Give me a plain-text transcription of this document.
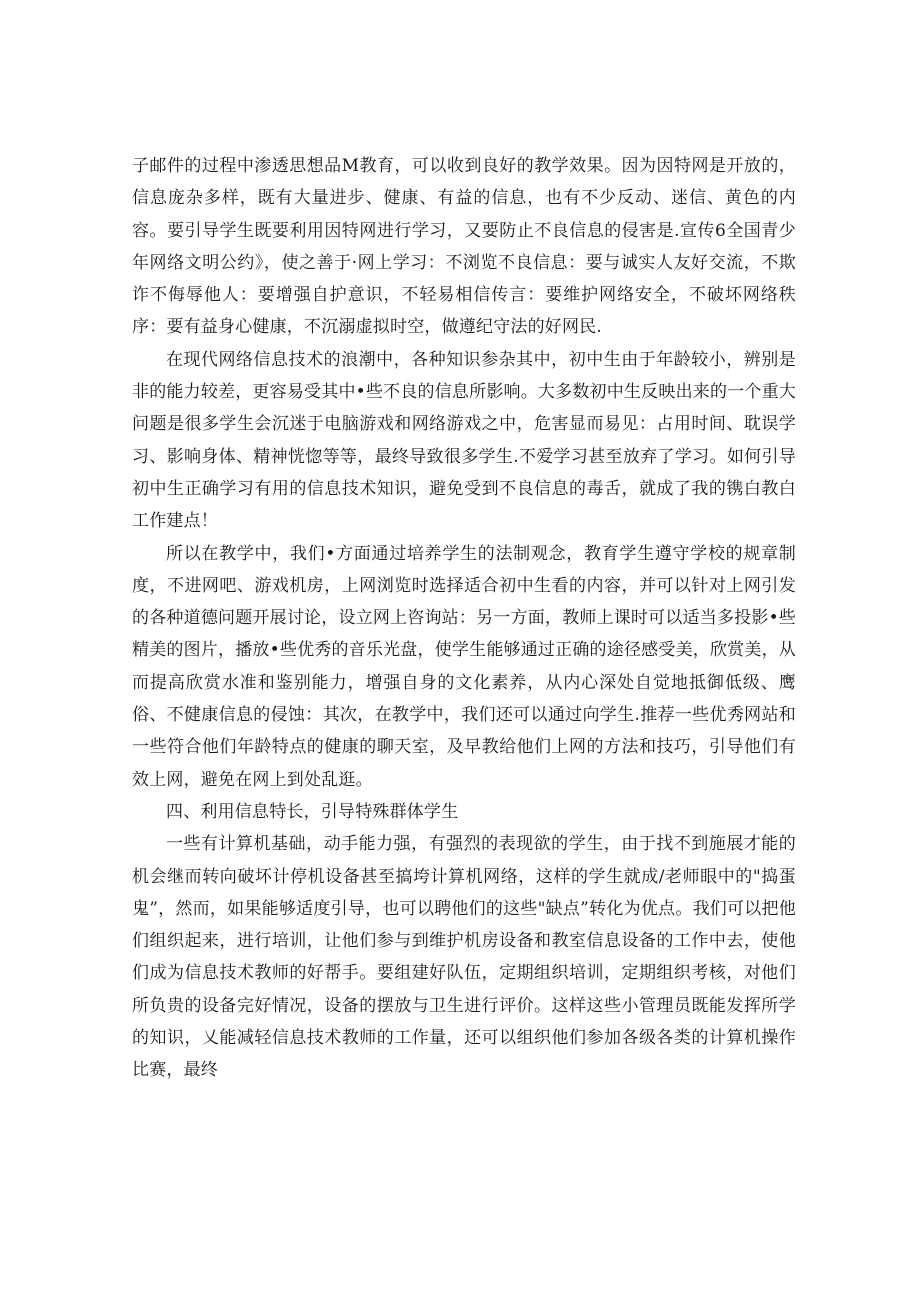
子邮件的过程中渗透思想品M教育，可以收到良好的教学效果。因为因特网是开放的，信息庞杂多样，既有大量进步、健康、有益的信息，也有不少反动、迷信、黄色的内容。要引导学生既要利用因特网进行学习，又要防止不良信息的侵害是.宣传6全国青少年网络文明公约》，使之善于·网上学习：不浏览不良信息：要与诚实人友好交流，不欺诈不侮辱他人：要增强自护意识，不轻易相信传言：要维护网络安全，不破坏网络秩序：要有益身心健康，不沉溺虚拟时空，做遵纪守法的好网民.

在现代网络信息技术的浪潮中，各种知识参杂其中，初中生由于年龄较小，辨别是非的能力较差，更容易受其中•些不良的信息所影响。大多数初中生反映出来的一个重大问题是很多学生会沉迷于电脑游戏和网络游戏之中，危害显而易见：占用时间、耽误学习、影响身体、精神恍惚等等，最终导致很多学生.不爱学习甚至放弃了学习。如何引导初中生正确学习有用的信息技术知识，避免受到不良信息的毒舌，就成了我的镌白教白工作建点！

所以在教学中，我们•方面通过培养学生的法制观念，教育学生遵守学校的规章制度，不进网吧、游戏机房，上网浏览时选择适合初中生看的内容，并可以针对上网引发的各种道德问题开展讨论，设立网上咨询站：另一方面，教师上课时可以适当多投影•些精美的图片，播放•些优秀的音乐光盘，使学生能够通过正确的途径感受美，欣赏美，从而提高欣赏水准和鉴别能力，增强自身的文化素养，从内心深处自觉地抵御低级、鹰俗、不健康信息的侵蚀：其次，在教学中，我们还可以通过向学生.推荐一些优秀网站和一些符合他们年龄特点的健康的聊天室，及早教给他们上网的方法和技巧，引导他们有效上网，避免在网上到处乱逛。

四、利用信息特长，引导特殊群体学生

一些有计算机基础，动手能力强，有强烈的表现欲的学生，由于找不到施展才能的机会继而转向破坏计停机设备甚至搞垮计算机网络，这样的学生就成/老师眼中的"捣蛋鬼”，然而，如果能够适度引导，也可以聘他们的这些"缺点”转化为优点。我们可以把他们组织起来，进行培训，让他们参与到维护机房设备和教室信息设备的工作中去，使他们成为信息技术教师的好帮手。要组建好队伍，定期组织培训，定期组织考核，对他们所负贵的设备完好情况，设备的摆放与卫生进行评价。这样这些小管理员既能发挥所学的知识，乂能减轻信息技术教师的工作量，还可以组织他们参加各级各类的计算机操作比赛，最终
